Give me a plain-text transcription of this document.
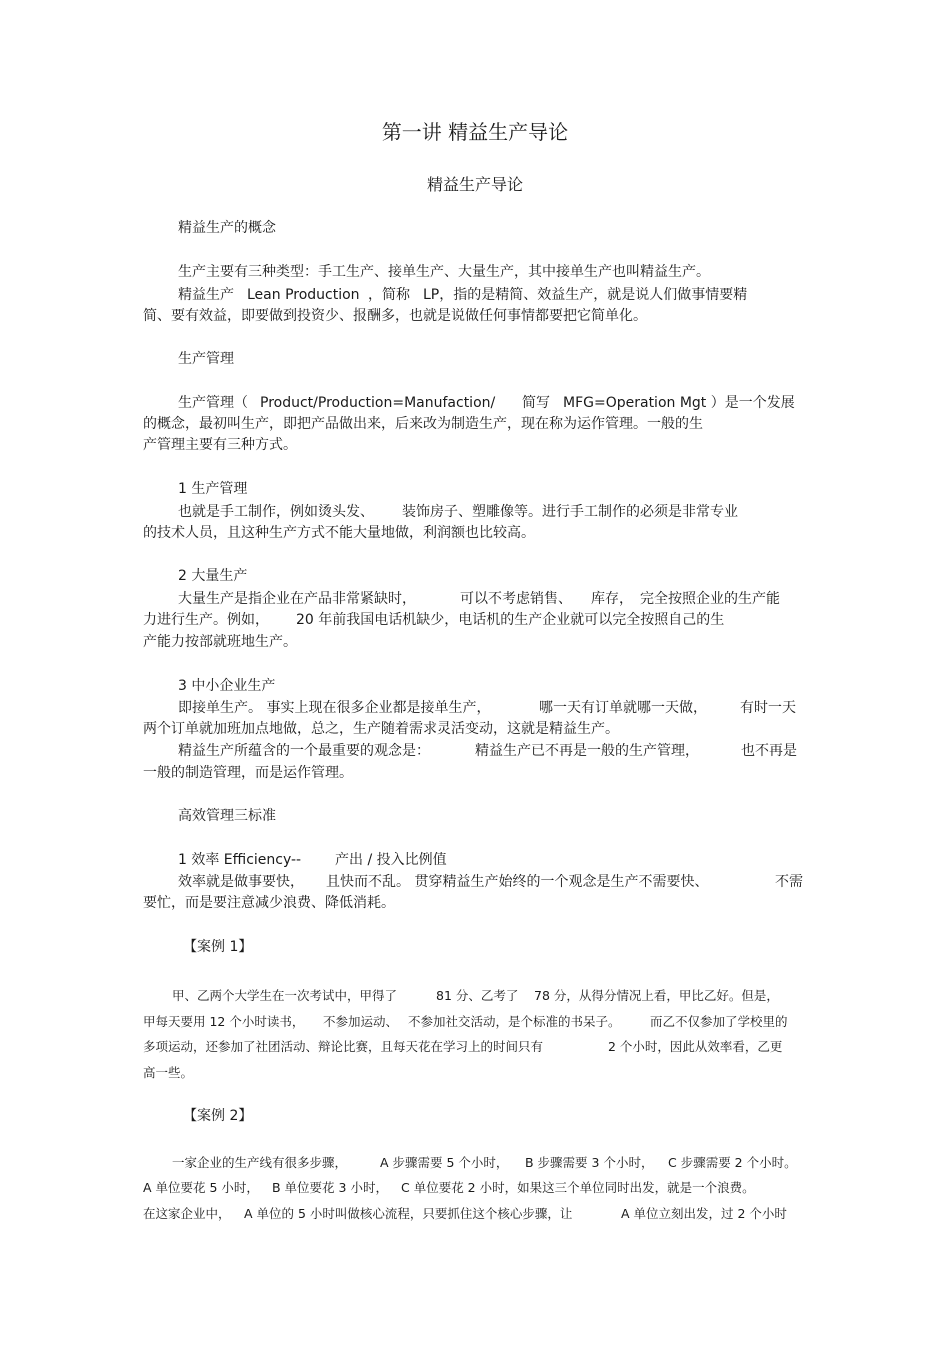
第一讲 精益生产导论
精益生产导论
精益生产的概念
生产主要有三种类型：手工生产、接单生产、大量生产，其中接单生产也叫精益生产。
精益生产 Lean Production ，简称 LP，指的是精简、效益生产，就是说人们做事情要精
简、要有效益，即要做到投资少、报酬多，也就是说做任何事情都要把它简单化。
生产管理
生产管理（ Product/Production=Manufaction/ 简写 MFG=Operation Mgt ）是一个发展
的概念，最初叫生产，即把产品做出来，后来改为制造生产，现在称为运作管理。一般的生
产管理主要有三种方式。
1 生产管理
也就是手工制作，例如烫头发、 装饰房子、塑雕像等。进行手工制作的必须是非常专业
的技术人员，且这种生产方式不能大量地做，利润额也比较高。
2 大量生产
大量生产是指企业在产品非常紧缺时，	可以不考虑销售、 库存， 完全按照企业的生产能
力进行生产。例如， 20 年前我国电话机缺少，电话机的生产企业就可以完全按照自己的生
产能力按部就班地生产。
3 中小企业生产
即接单生产。 事实上现在很多企业都是接单生产，	哪一天有订单就哪一天做， 有时一天
两个订单就加班加点地做，总之，生产随着需求灵活变动，这就是精益生产。
精益生产所蕴含的一个最重要的观念是：	精益生产已不再是一般的生产管理，	也不再是
一般的制造管理，而是运作管理。
高效管理三标准
1 效率 Efficiency-- 产出 / 投入比例值
效率就是做事要快， 且快而不乱。 贯穿精益生产始终的一个观念是生产不需要快、	不需
要忙，而是要注意减少浪费、降低消耗。
【案例 1】
甲、乙两个大学生在一次考试中，甲得了	81 分、乙考了 78 分，从得分情况上看，甲比乙好。但是，
甲每天要用 12 个小时读书， 不参加运动、 不参加社交活动，是个标准的书呆子。 而乙不仅参加了学校里的
多项运动，还参加了社团活动、辩论比赛，且每天花在学习上的时间只有	2 个小时，因此从效率看，乙更
高一些。
【案例 2】
一家企业的生产线有很多步骤，	A 步骤需要 5 个小时， B 步骤需要 3 个小时， C 步骤需要 2 个小时。
A 单位要花 5 小时， B 单位要花 3 小时， C 单位要花 2 小时，如果这三个单位同时出发，就是一个浪费。
在这家企业中， A 单位的 5 小时叫做核心流程，只要抓住这个核心步骤，让	A 单位立刻出发，过 2 个小时
